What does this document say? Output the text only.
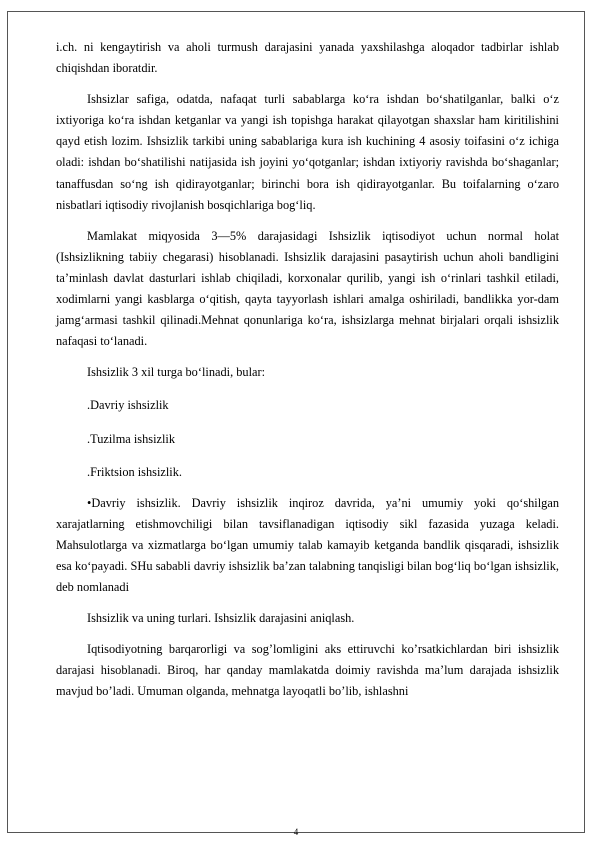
i.ch. ni kengaytirish va aholi turmush darajasini yanada yaxshilashga aloqador tadbirlar ishlab chiqishdan iboratdir.

Ishsizlar safiga, odatda, nafaqat turli sabablarga koʻra ishdan boʻshatilganlar, balki oʻz ixtiyoriga koʻra ishdan ketganlar va yangi ish topishga harakat qilayotgan shaxslar ham kiritilishini qayd etish lozim. Ishsizlik tarkibi uning sabablariga kura ish kuchining 4 asosiy toifasini oʻz ichiga oladi: ishdan boʻshatilishi natijasida ish joyini yoʻqotganlar; ishdan ixtiyoriy ravishda boʻshaganlar; tanaffusdan soʻng ish qidirayotganlar; birinchi bora ish qidirayotganlar. Bu toifalarning oʻzaro nisbatlari iqtisodiy rivojlanish bosqichlariga bogʻliq.

Mamlakat miqyosida 3—5% darajasidagi Ishsizlik iqtisodiyot uchun normal holat (Ishsizlikning tabiiy chegarasi) hisoblanadi. Ishsizlik darajasini pasaytirish uchun aholi bandligini taʼminlash davlat dasturlari ishlab chiqiladi, korxonalar qurilib, yangi ish oʻrinlari tashkil etiladi, xodimlarni yangi kasblarga oʻqitish, qayta tayyorlash ishlari amalga oshiriladi, bandlikka yor-dam jamgʻarmasi tashkil qilinadi.Mehnat qonunlariga koʻra, ishsizlarga mehnat birjalari orqali ishsizlik nafaqasi toʻlanadi.

Ishsizlik 3 xil turga boʻlinadi, bular:

.Davriy ishsizlik

.Tuzilma ishsizlik

.Friktsion ishsizlik.

•Davriy ishsizlik. Davriy ishsizlik inqiroz davrida, ya’ni umumiy yoki qo‘shilgan xarajatlarning etishmovchiligi bilan tavsiflanadigan iqtisodiy sikl fazasida yuzaga keladi. Mahsulotlarga va xizmatlarga bo‘lgan umumiy talab kamayib ketganda bandlik qisqaradi, ishsizlik esa ko‘payadi. SHu sababli davriy ishsizlik ba’zan talabning tanqisligi bilan bog‘liq bo‘lgan ishsizlik, deb nomlanadi

Ishsizlik va uning turlari. Ishsizlik darajasini aniqlash.

Iqtisodiyotning barqarorligi va sog’lomligini aks ettiruvchi ko’rsatkichlardan biri ishsizlik darajasi hisoblanadi. Biroq, har qanday mamlakatda doimiy ravishda ma’lum darajada ishsizlik mavjud bo’ladi. Umuman olganda, mehnatga layoqatli bo’lib, ishlashni

4
